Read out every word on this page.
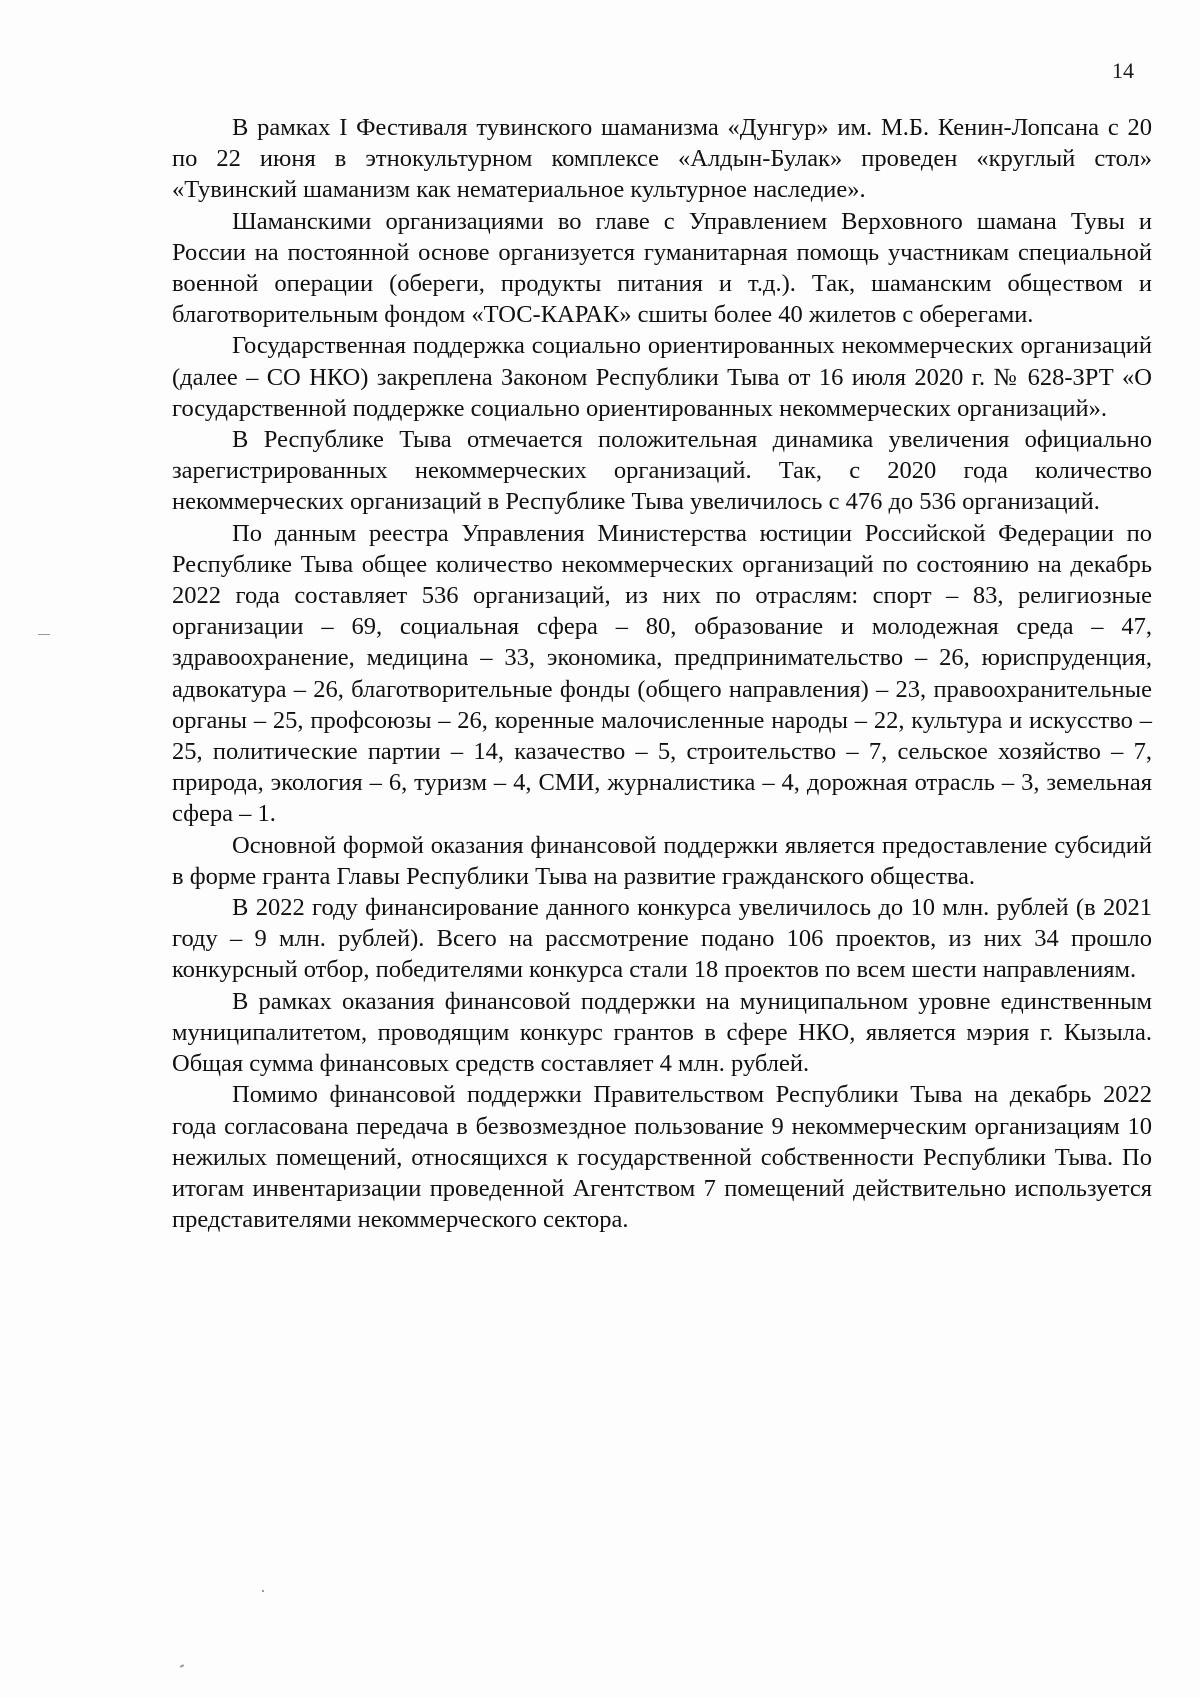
14

В рамках I Фестиваля тувинского шаманизма «Дунгур» им. М.Б. Кенин-Лопсана с 20 по 22 июня в этнокультурном комплексе «Алдын-Булак» проведен «круглый стол» «Тувинский шаманизм как нематериальное культурное наследие».

Шаманскими организациями во главе с Управлением Верховного шамана Тувы и России на постоянной основе организуется гуманитарная помощь участникам специальной военной операции (обереги, продукты питания и т.д.). Так, шаманским обществом и благотворительным фондом «ТОС-КАРАК» сшиты более 40 жилетов с оберегами.

Государственная поддержка социально ориентированных некоммерческих организаций (далее – СО НКО) закреплена Законом Республики Тыва от 16 июля 2020 г. № 628-ЗРТ «О государственной поддержке социально ориентированных некоммерческих организаций».

В Республике Тыва отмечается положительная динамика увеличения официально зарегистрированных некоммерческих организаций. Так, с 2020 года количество некоммерческих организаций в Республике Тыва увеличилось с 476 до 536 организаций.

По данным реестра Управления Министерства юстиции Российской Федерации по Республике Тыва общее количество некоммерческих организаций по состоянию на декабрь 2022 года составляет 536 организаций, из них по отраслям: спорт – 83, религиозные организации – 69, социальная сфера – 80, образование и молодежная среда – 47, здравоохранение, медицина – 33, экономика, предпринимательство – 26, юриспруденция, адвокатура – 26, благотворительные фонды (общего направления) – 23, правоохранительные органы – 25, профсоюзы – 26, коренные малочисленные народы – 22, культура и искусство – 25, политические партии – 14, казачество – 5, строительство – 7, сельское хозяйство – 7, природа, экология – 6, туризм – 4, СМИ, журналистика – 4, дорожная отрасль – 3, земельная сфера – 1.

Основной формой оказания финансовой поддержки является предоставление субсидий в форме гранта Главы Республики Тыва на развитие гражданского общества.

В 2022 году финансирование данного конкурса увеличилось до 10 млн. рублей (в 2021 году – 9 млн. рублей). Всего на рассмотрение подано 106 проектов, из них 34 прошло конкурсный отбор, победителями конкурса стали 18 проектов по всем шести направлениям.

В рамках оказания финансовой поддержки на муниципальном уровне единственным муниципалитетом, проводящим конкурс грантов в сфере НКО, является мэрия г. Кызыла. Общая сумма финансовых средств составляет 4 млн. рублей.

Помимо финансовой поддержки Правительством Республики Тыва на декабрь 2022 года согласована передача в безвозмездное пользование 9 некоммерческим организациям 10 нежилых помещений, относящихся к государственной собственности Республики Тыва. По итогам инвентаризации проведенной Агентством 7 помещений действительно используется представителями некоммерческого сектора.
